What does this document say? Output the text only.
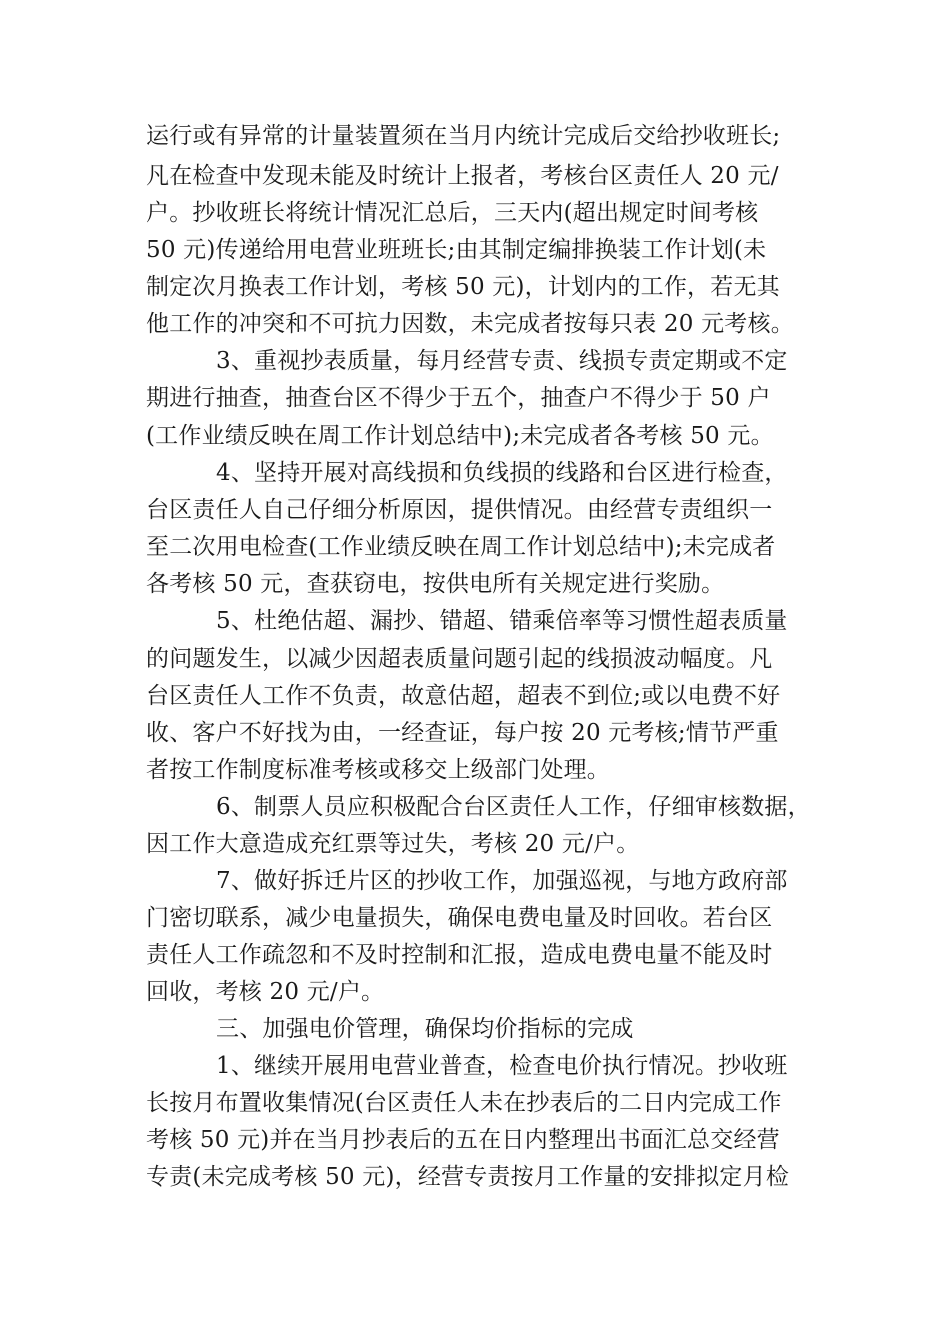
运行或有异常的计量装置须在当月内统计完成后交给抄收班长;
凡在检查中发现未能及时统计上报者，考核台区责任人 20 元/
户。抄收班长将统计情况汇总后，三天内(超出规定时间考核
50 元)传递给用电营业班班长;由其制定编排换装工作计划(未
制定次月换表工作计划，考核 50 元)，计划内的工作，若无其
他工作的冲突和不可抗力因数，未完成者按每只表 20 元考核。
3、重视抄表质量，每月经营专责、线损专责定期或不定
期进行抽查，抽查台区不得少于五个，抽查户不得少于 50 户
(工作业绩反映在周工作计划总结中);未完成者各考核 50 元。
4、坚持开展对高线损和负线损的线路和台区进行检查，
台区责任人自己仔细分析原因，提供情况。由经营专责组织一
至二次用电检查(工作业绩反映在周工作计划总结中);未完成者
各考核 50 元，查获窃电，按供电所有关规定进行奖励。
5、杜绝估超、漏抄、错超、错乘倍率等习惯性超表质量
的问题发生，以减少因超表质量问题引起的线损波动幅度。凡
台区责任人工作不负责，故意估超，超表不到位;或以电费不好
收、客户不好找为由，一经查证，每户按 20 元考核;情节严重
者按工作制度标准考核或移交上级部门处理。
6、制票人员应积极配合台区责任人工作，仔细审核数据，
因工作大意造成充红票等过失，考核 20 元/户。
7、做好拆迁片区的抄收工作，加强巡视，与地方政府部
门密切联系，减少电量损失，确保电费电量及时回收。若台区
责任人工作疏忽和不及时控制和汇报，造成电费电量不能及时
回收，考核 20 元/户。
三、加强电价管理，确保均价指标的完成
1、继续开展用电营业普查，检查电价执行情况。抄收班
长按月布置收集情况(台区责任人未在抄表后的二日内完成工作
考核 50 元)并在当月抄表后的五在日内整理出书面汇总交经营
专责(未完成考核 50 元)，经营专责按月工作量的安排拟定月检
